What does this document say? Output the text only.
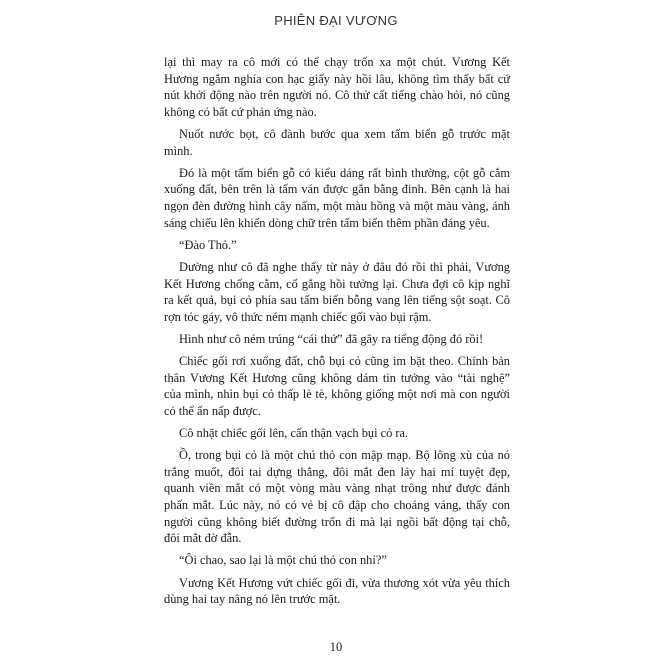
PHIÊN ĐẠI VƯƠNG

lại thì may ra cô mới có thể chạy trốn xa một chút. Vương Kết Hương ngắm nghía con hạc giấy này hồi lâu, không tìm thấy bất cứ nút khởi động nào trên người nó. Cô thử cất tiếng chào hỏi, nó cũng không có bất cứ phản ứng nào.

Nuốt nước bọt, cô đành bước qua xem tấm biển gỗ trước mặt mình.

Đó là một tấm biển gỗ có kiểu dáng rất bình thường, cột gỗ cắm xuống đất, bên trên là tấm ván được gắn bằng đinh. Bên cạnh là hai ngọn đèn đường hình cây nấm, một màu hồng và một màu vàng, ánh sáng chiếu lên khiến dòng chữ trên tấm biển thêm phần đáng yêu.

“Đào Thỏ.”

Dường như cô đã nghe thấy từ này ở đâu đó rồi thì phải, Vương Kết Hương chống cằm, cố gắng hồi tưởng lại. Chưa đợi cô kịp nghĩ ra kết quả, bụi cỏ phía sau tấm biển bỗng vang lên tiếng sột soạt. Cô rợn tóc gáy, vô thức ném mạnh chiếc gối vào bụi rậm.

Hình như cô ném trúng “cái thứ” đã gây ra tiếng động đó rồi!

Chiếc gối rơi xuống đất, chỗ bụi cỏ cũng im bặt theo. Chính bản thân Vương Kết Hương cũng không dám tin tưởng vào “tài nghệ” của mình, nhìn bụi cỏ thấp lè tè, không giống một nơi mà con người có thể ẩn nấp được.

Cô nhặt chiếc gối lên, cẩn thận vạch bụi cỏ ra.

Ồ, trong bụi cỏ là một chú thỏ con mập mạp. Bộ lông xù của nó trắng muốt, đôi tai dựng thẳng, đôi mắt đen láy hai mí tuyệt đẹp, quanh viền mắt có một vòng màu vàng nhạt trông như được đánh phấn mắt. Lúc này, nó có vẻ bị cô đập cho choáng váng, thấy con người cũng không biết đường trốn đi mà lại ngồi bất động tại chỗ, đôi mắt đờ đẫn.

“Ôi chao, sao lại là một chú thỏ con nhỉ?”

Vương Kết Hương vứt chiếc gối đi, vừa thương xót vừa yêu thích dùng hai tay nâng nó lên trước mặt.

10
